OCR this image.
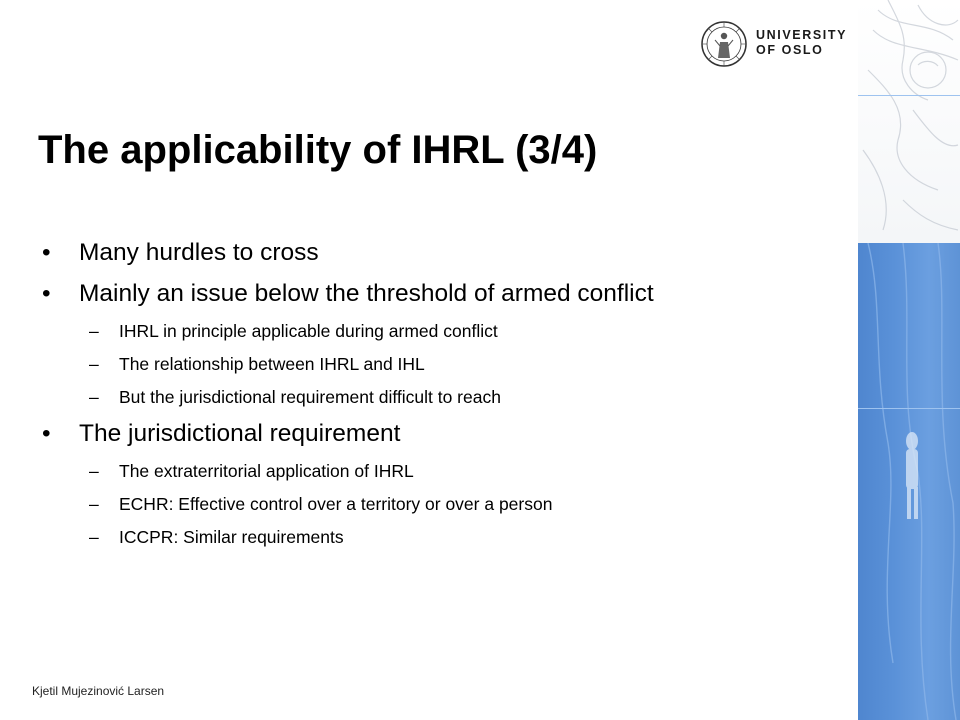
UNIVERSITY
OF OSLO
The applicability of IHRL (3/4)
• Many hurdles to cross
• Mainly an issue below the threshold of armed conflict
– IHRL in principle applicable during armed conflict
– The relationship between IHRL and IHL
– But the jurisdictional requirement difficult to reach
• The jurisdictional requirement
– The extraterritorial application of IHRL
– ECHR: Effective control over a territory or over a person
– ICCPR: Similar requirements
Kjetil Mujezinović Larsen
